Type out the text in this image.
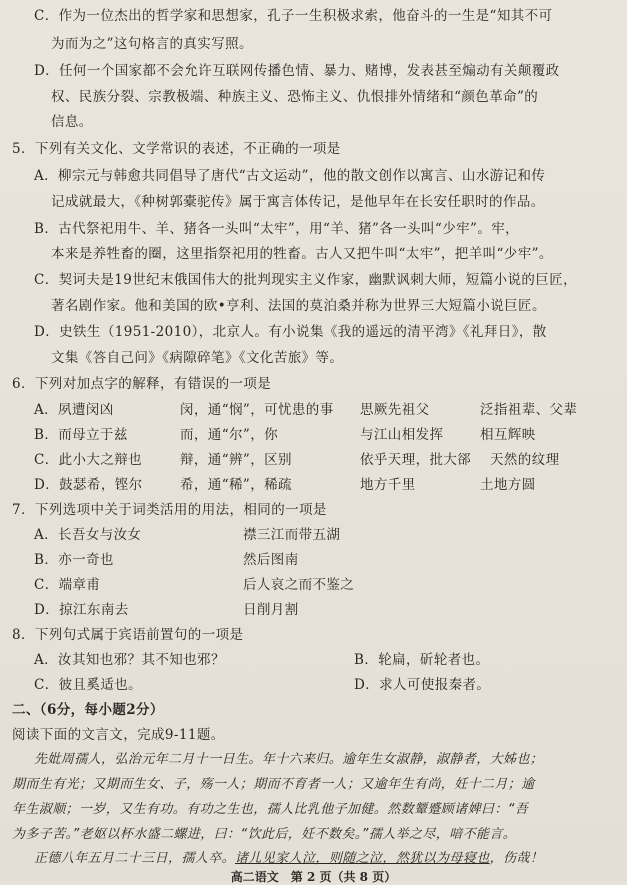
C．作为一位杰出的哲学家和思想家，孔子一生积极求索，他奋斗的一生是“知其不可
为而为之”这句格言的真实写照。
D．任何一个国家都不会允许互联网传播色情、暴力、赌博，发表甚至煽动有关颠覆政
权、民族分裂、宗教极端、种族主义、恐怖主义、仇恨排外情绪和“颜色革命”的
信息。
5．下列有关文化、文学常识的表述，不正确的一项是
A．柳宗元与韩愈共同倡导了唐代“古文运动”，他的散文创作以寓言、山水游记和传
记成就最大，《种树郭橐驼传》属于寓言体传记，是他早年在长安任职时的作品。
B．古代祭祀用牛、羊、猪各一头叫“太牢”，用“羊、猪”各一头叫“少牢”。牢，
本来是养牲畜的圈，这里指祭祀用的牲畜。古人又把牛叫“太牢”，把羊叫“少牢”。
C．契诃夫是19世纪末俄国伟大的批判现实主义作家，幽默讽刺大师，短篇小说的巨匠，
著名剧作家。他和美国的欧•亨利、法国的莫泊桑并称为世界三大短篇小说巨匠。
D．史铁生（1951-2010），北京人。有小说集《我的遥远的清平湾》《礼拜日》，散
文集《答自己问》《病隙碎笔》《文化苦旅》等。
6．下列对加点字的解释，有错误的一项是
A．夙遭闵凶	闵，通“悯”，可忧患的事 思厥先祖父	泛指祖辈、父辈
B．而母立于兹	而，通“尔”，你	与江山相发挥	相互辉映
C．此小大之辩也	辩，通“辨”，区别	依乎天理，批大郤 天然的纹理
D．鼓瑟希，铿尔	希，通“稀”，稀疏	地方千里	土地方圆
7．下列选项中关于词类活用的用法，相同的一项是
A．长吾女与汝女	襟三江而带五湖
B．亦一奇也	然后图南
C．端章甫	后人哀之而不鉴之
D．掠江东南去	日削月割
8．下列句式属于宾语前置句的一项是
A．汝其知也邪？其不知也邪？	B．轮扁，斫轮者也。
C．彼且奚适也。	D．求人可使报秦者。
二、（6分，每小题2分）
阅读下面的文言文，完成9-11题。
先妣周孺人，弘治元年二月十一日生。年十六来归。逾年生女淑静，淑静者，大姊也；
期而生有光；又期而生女、子，殇一人；期而不育者一人；又逾年生有尚，妊十二月；逾
年生淑顺；一岁，又生有功。有功之生也，孺人比乳他子加健。然数颦蹙顾诸婢曰：“吾
为多子苦。”老妪以杯水盛二螺进，曰：“饮此后，妊不数矣。”孺人举之尽，喑不能言。
正德八年五月二十三日，孺人卒。诸儿见家人泣，则随之泣，然犹以为母寝也，伤哉！
高二语文　第 2 页（共 8 页）
